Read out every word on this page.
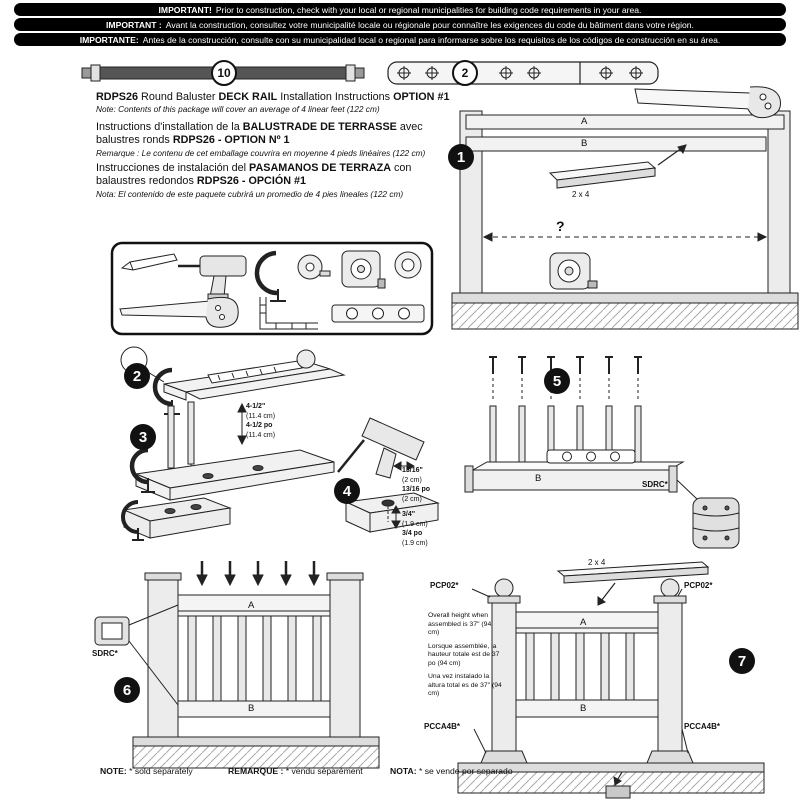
IMPORTANT! Prior to construction, check with your local or regional municipalities for building code requirements in your area.
IMPORTANT : Avant la construction, consultez votre municipalité locale ou régionale pour connaître les exigences du code du bâtiment dans votre région.
IMPORTANTE: Antes de la construcción, consulte con su municipalidad local o regional para informarse sobre los requisitos de los códigos de construcción en su área.
10	2
RDPS26 Round Baluster DECK RAIL Installation Instructions OPTION #1
Note: Contents of this package will cover an average of 4 linear feet (122 cm)
Instructions d'installation de la BALUSTRADE DE TERRASSE avec
balustres ronds RDPS26 - OPTION Nº 1
Remarque : Le contenu de cet emballage couvrira en moyenne 4 pieds linéaires (122 cm)
Instrucciones de instalación del PASAMANOS DE TERRAZA con
balaustres redondos RDPS26 - OPCIÓN #1
Nota: El contenido de este paquete cubrirá un promedio de 4 pies lineales (122 cm)
1
2
3
4
5
6
7
A
B
2 x 4
?
4-1/2"
(11.4 cm)
4-1/2 po
(11.4 cm)
13/16"
(2 cm)
13/16 po
(2 cm)
3/4"
(1.9 cm)
3/4 po
(1.9 cm)
B
SDRC*
SDRC*
A
B
2 x 4
PCP02*	PCP02*
A
B

Overall height when assembled is 37" (94 cm)

Lorsque assemblée, la hauteur totale est de 37 po (94 cm)

Una vez instalado la altura total es de 37" (94 cm)

PCCA4B*	PCCA4B*
NOTE: * sold separately	REMARQUE : * vendu séparément	NOTA: * se vende por separado
